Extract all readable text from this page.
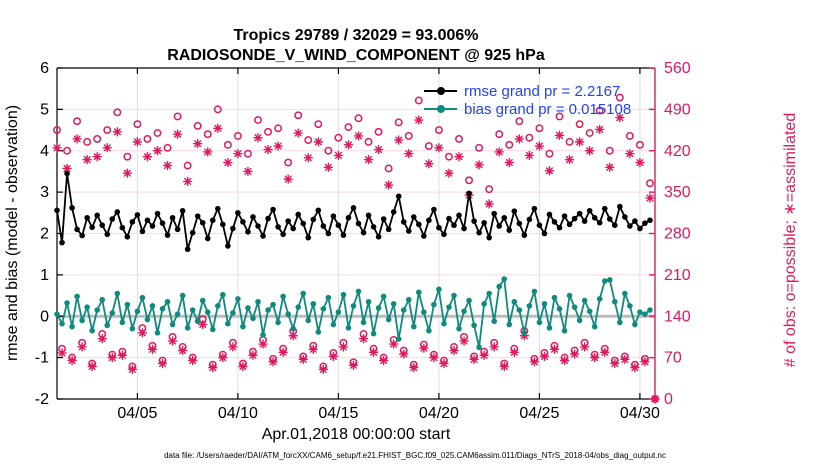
04/05	04/10	04/15	04/20	04/25	04/30
-2
-1
0
1
2
3
4
5
6
0
70
140
210
280
350
420
490
560
rmse and bias (model - observation)	# of obs: o=possible; ∗=assimilated
Tropics 29789 / 32029 = 93.006%
RADIOSONDE_V_WIND_COMPONENT @ 925 hPa
rmse grand pr = 2.2167
bias grand pr = 0.015108
Apr.01,2018 00:00:00 start
data file: /Users/raeder/DAI/ATM_forcXX/CAM6_setup/f.e21.FHIST_BGC.f09_025.CAM6assim.011/Diags_NTrS_2018-04/obs_diag_output.nc
